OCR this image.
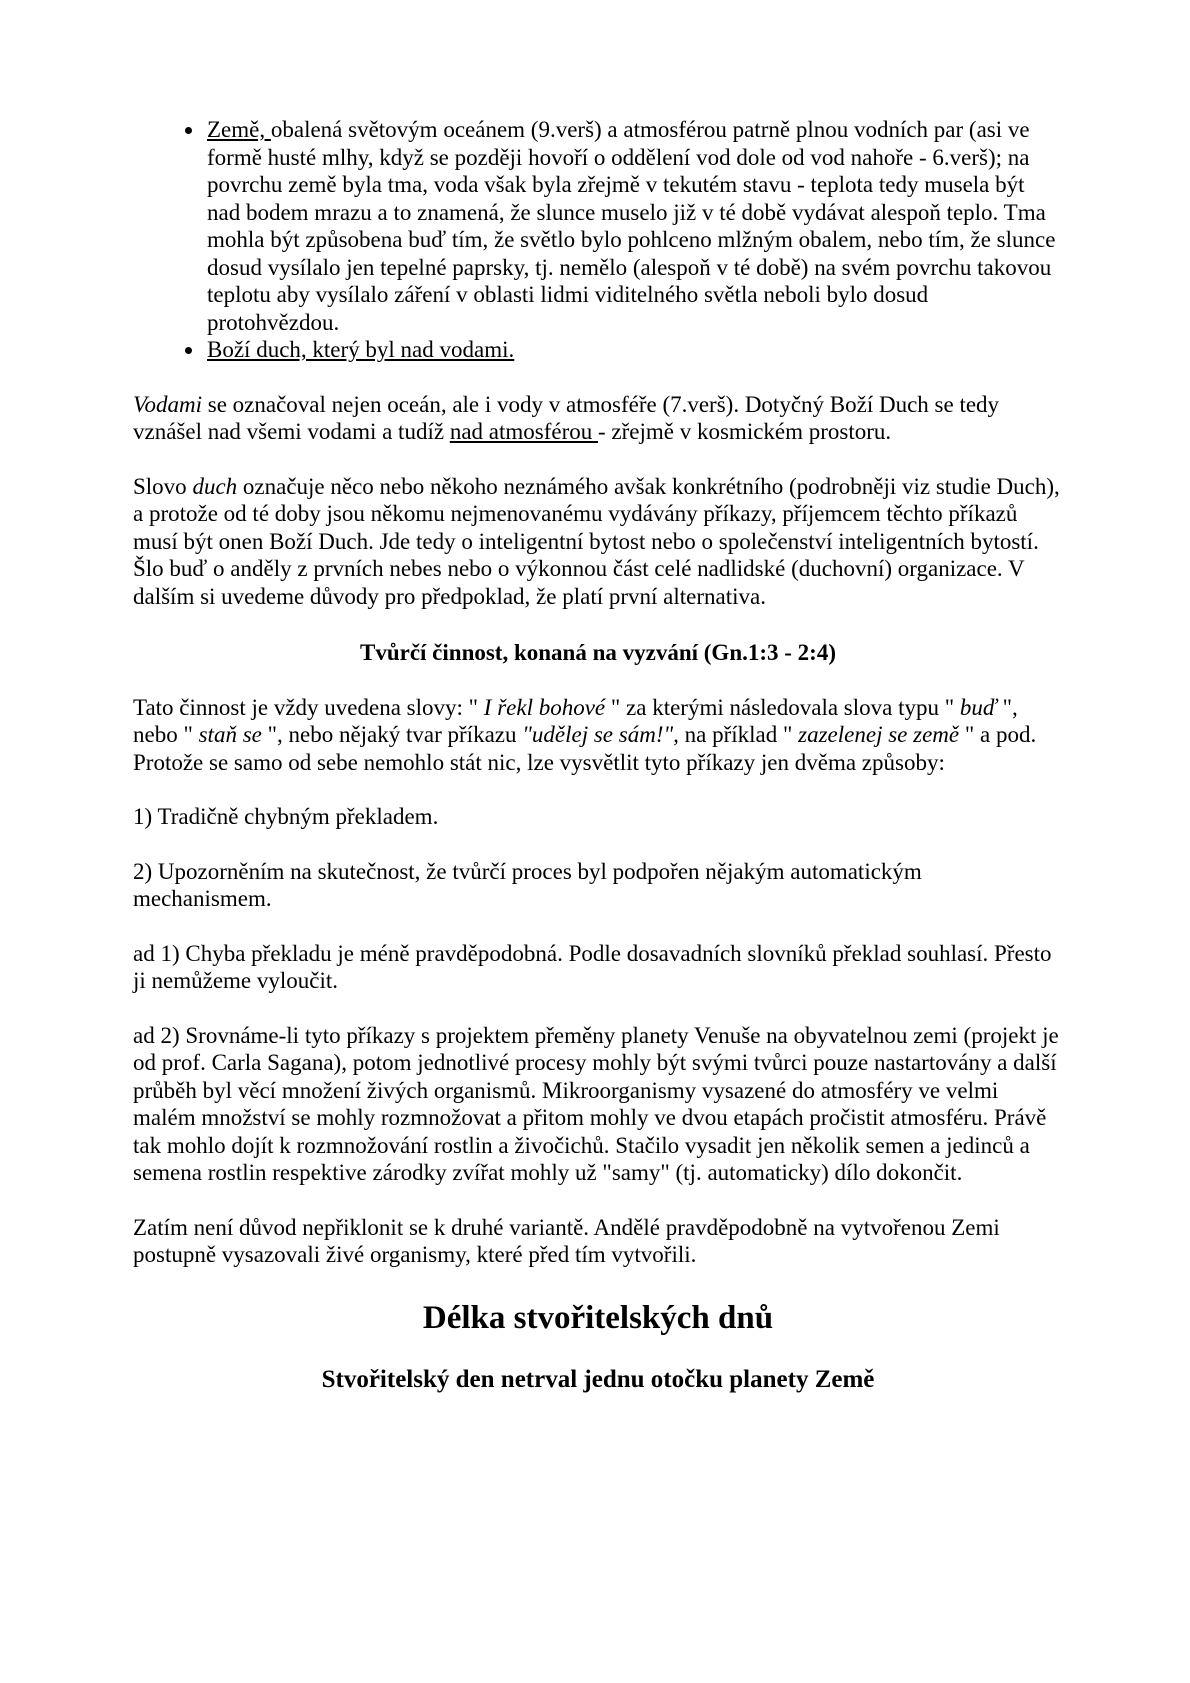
• Země, obalená světovým oceánem (9.verš) a atmosférou patrně plnou vodních par (asi ve formě husté mlhy, když se později hovoří o oddělení vod dole od vod nahoře - 6.verš); na povrchu země byla tma, voda však byla zřejmě v tekutém stavu - teplota tedy musela být nad bodem mrazu a to znamená, že slunce muselo již v té době vydávat alespoň teplo. Tma mohla být způsobena buď tím, že světlo bylo pohlceno mlžným obalem, nebo tím, že slunce dosud vysílalo jen tepelné paprsky, tj. nemělo (alespoň v té době) na svém povrchu takovou teplotu aby vysílalo záření v oblasti lidmi viditelného světla neboli bylo dosud protohvězdou.
• Boží duch, který byl nad vodami.

Vodami se označoval nejen oceán, ale i vody v atmosféře (7.verš). Dotyčný Boží Duch se tedy vznášel nad všemi vodami a tudíž nad atmosférou - zřejmě v kosmickém prostoru.

Slovo duch označuje něco nebo někoho neznámého avšak konkrétního (podrobněji viz studie Duch), a protože od té doby jsou někomu nejmenovanému vydávány příkazy, příjemcem těchto příkazů musí být onen Boží Duch. Jde tedy o inteligentní bytost nebo o společenství inteligentních bytostí. Šlo buď o anděly z prvních nebes nebo o výkonnou část celé nadlidské (duchovní) organizace. V dalším si uvedeme důvody pro předpoklad, že platí první alternativa.

Tvůrčí činnost, konaná na vyzvání (Gn.1:3 - 2:4)

Tato činnost je vždy uvedena slovy: " I řekl bohové " za kterými následovala slova typu " buď ", nebo " staň se ", nebo nějaký tvar příkazu "udělej se sám!", na příklad " zazelenej se země " a pod. Protože se samo od sebe nemohlo stát nic, lze vysvětlit tyto příkazy jen dvěma způsoby:

1) Tradičně chybným překladem.

2) Upozorněním na skutečnost, že tvůrčí proces byl podpořen nějakým automatickým mechanismem.

ad 1) Chyba překladu je méně pravděpodobná. Podle dosavadních slovníků překlad souhlasí. Přesto ji nemůžeme vyloučit.

ad 2) Srovnáme-li tyto příkazy s projektem přeměny planety Venuše na obyvatelnou zemi (projekt je od prof. Carla Sagana), potom jednotlivé procesy mohly být svými tvůrci pouze nastartovány a další průběh byl věcí množení živých organismů. Mikroorganismy vysazené do atmosféry ve velmi malém množství se mohly rozmnožovat a přitom mohly ve dvou etapách pročistit atmosféru. Právě tak mohlo dojít k rozmnožování rostlin a živočichů. Stačilo vysadit jen několik semen a jedinců a semena rostlin respektive zárodky zvířat mohly už "samy" (tj. automaticky) dílo dokončit.

Zatím není důvod nepřiklonit se k druhé variantě. Andělé pravděpodobně na vytvořenou Zemi postupně vysazovali živé organismy, které před tím vytvořili.

Délka stvořitelských dnů
Stvořitelský den netrval jednu otočku planety Země
